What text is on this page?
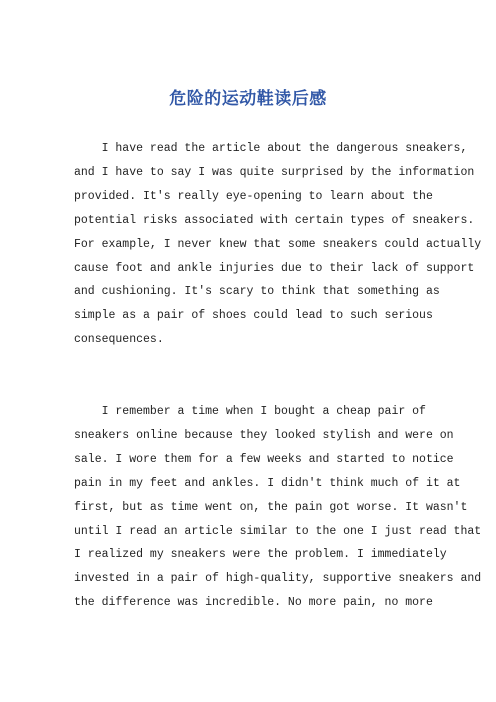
危险的运动鞋读后感
I have read the article about the dangerous sneakers,
and I have to say I was quite surprised by the information
provided. It's really eye-opening to learn about the
potential risks associated with certain types of sneakers.
For example, I never knew that some sneakers could actually
cause foot and ankle injuries due to their lack of support
and cushioning. It's scary to think that something as
simple as a pair of shoes could lead to such serious
consequences.
I remember a time when I bought a cheap pair of
sneakers online because they looked stylish and were on
sale. I wore them for a few weeks and started to notice
pain in my feet and ankles. I didn't think much of it at
first, but as time went on, the pain got worse. It wasn't
until I read an article similar to the one I just read that
I realized my sneakers were the problem. I immediately
invested in a pair of high-quality, supportive sneakers and
the difference was incredible. No more pain, no more
